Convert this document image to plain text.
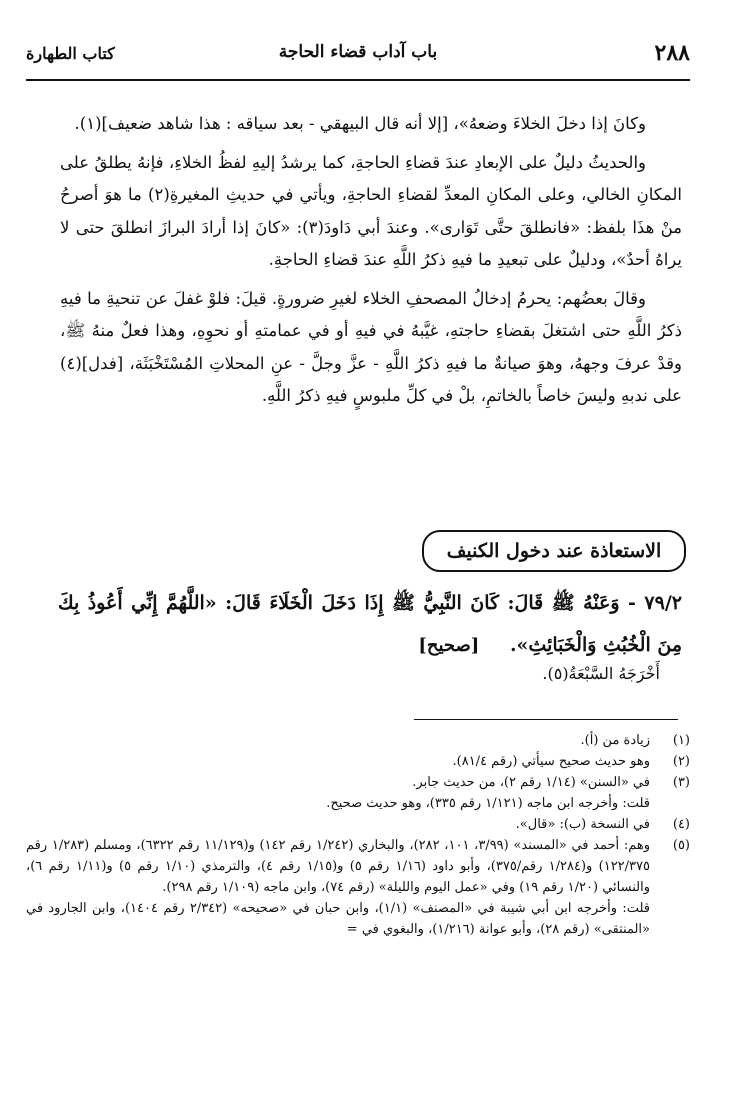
٢٨٨
باب آداب قضاء الحاجة
كتاب الطهارة

وكانَ إذا دخلَ الخلاءَ وضعهُ»، [إلا أنه قال البيهقي - بعد سياقه : هذا شاهد ضعيف](١).

والحديثُ دليلٌ على الإبعادِ عندَ قضاءِ الحاجةِ، كما يرشدُ إليهِ لفظُ الخلاءِ، فإنهُ يطلقُ على المكانِ الخالي، وعلى المكانِ المعدِّ لقضاءِ الحاجةِ، ويأتي في حديثِ المغيرةِ(٢) ما هوَ أصرحُ منْ هذَا بلفظ: «فانطلقَ حتَّى تَوَارى». وعندَ أبي دَاودَ(٣): «كانَ إذا أرادَ البرازَ انطلقَ حتى لا يراهُ أحدٌ»، ودليلٌ على تبعيدِ ما فيهِ ذكرُ اللَّهِ عندَ قضاءِ الحاجةِ.

وقالَ بعضُهم: يحرمُ إدخالُ المصحفِ الخلاء لغيرِ ضرورةٍ. قيلَ: فلوْ غفلَ عن تنحيةِ ما فيهِ ذكرُ اللَّهِ حتى اشتغلَ بقضاءِ حاجتهِ، غيَّبهُ في فيهِ أو في عمامتهِ أو نحوِهِ، وهذا فعلٌ منهُ ﷺ، وقدْ عرفَ وجههُ، وهوَ صيانةٌ ما فيهِ ذكرُ اللَّهِ - عزَّ وجلَّ - عنِ المحلاتِ المُسْتَخْبَثَة، [فدل](٤) على ندبهِ وليسَ خاصاً بالخاتمِ، بلْ في كلِّ ملبوسٍ فيهِ ذكرُ اللَّهِ.

الاستعاذة عند دخول الكنيف

٧٩/٢ - وَعَنْهُ ﷺ قَالَ: كَانَ النَّبِيُّ ﷺ إِذَا دَخَلَ الْخَلَاءَ قَالَ: «اللَّهُمَّ إِنِّي أَعُوذُ بِكَ مِنَ الْخُبُثِ وَالْخَبَائِثِ». [صحيح]

أَخْرَجَهُ السَّبْعَةُ(٥).
(١)
زيادة من (أ).
(٢)
وهو حديث صحيح سيأتي (رقم ٨١/٤).
(٣)
في «السنن» (١/١٤ رقم ٢)، من حديث جابر.
قلت: وأخرجه ابن ماجه (١/١٢١ رقم ٣٣٥)، وهو حديث صحيح.
(٤)
في النسخة (ب): «قال».
(٥)
وهم: أحمد في «المسند» (٣/٩٩، ١٠١، ٢٨٢)، والبخاري (١/٢٤٢ رقم ١٤٢) و(١١/١٢٩ رقم ٦٣٢٢)، ومسلم (١/٢٨٣ رقم ١٢٢/٣٧٥) و(١/٢٨٤ رقم/٣٧٥)، وأبو داود (١/١٦ رقم ٥) و(١/١٥ رقم ٤)، والترمذي (١/١٠ رقم ٥) و(١/١١ رقم ٦)، والنسائي (١/٢٠ رقم ١٩) وفي «عمل اليوم والليلة» (رقم ٧٤)، وابن ماجه (١/١٠٩ رقم ٢٩٨).
قلت: وأخرجه ابن أبي شيبة في «المصنف» (١/١)، وابن حبان في «صحيحه» (٢/٣٤٢ رقم ١٤٠٤)، وابن الجارود في «المنتقى» (رقم ٢٨)، وأبو عوانة (١/٢١٦)، والبغوي في =
